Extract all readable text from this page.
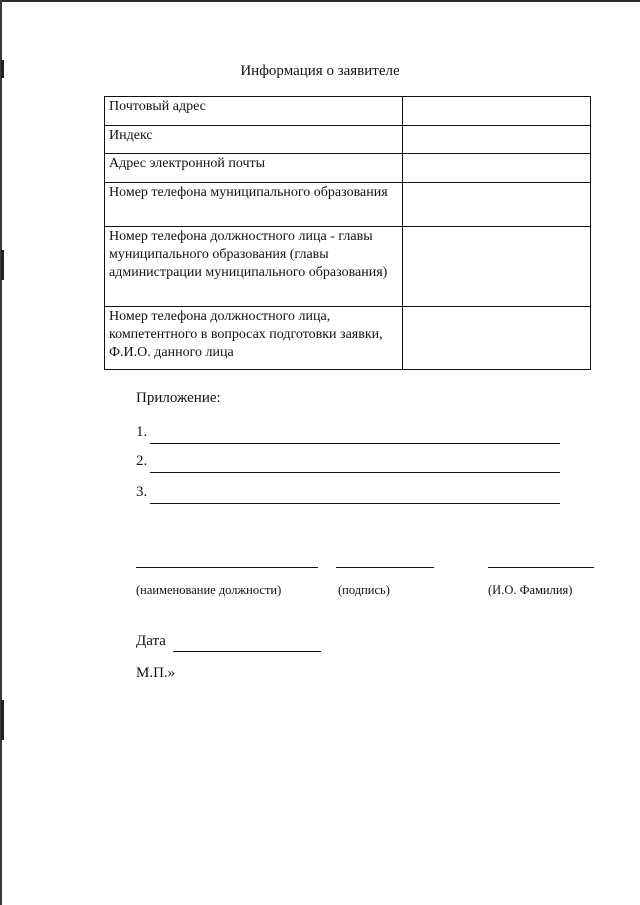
Информация о заявителе
Почтовый адрес	
Индекс	
Адрес электронной почты	
Номер телефона муниципального образования	
Номер телефона должностного лица - главы муниципального образования (главы администрации муниципального образования)	
Номер телефона должностного лица, компетентного в вопросах подготовки заявки, Ф.И.О. данного лица	
Приложение:
1.
2.
3.
(наименование должности)	(подпись)	(И.О. Фамилия)
Дата
М.П.»
